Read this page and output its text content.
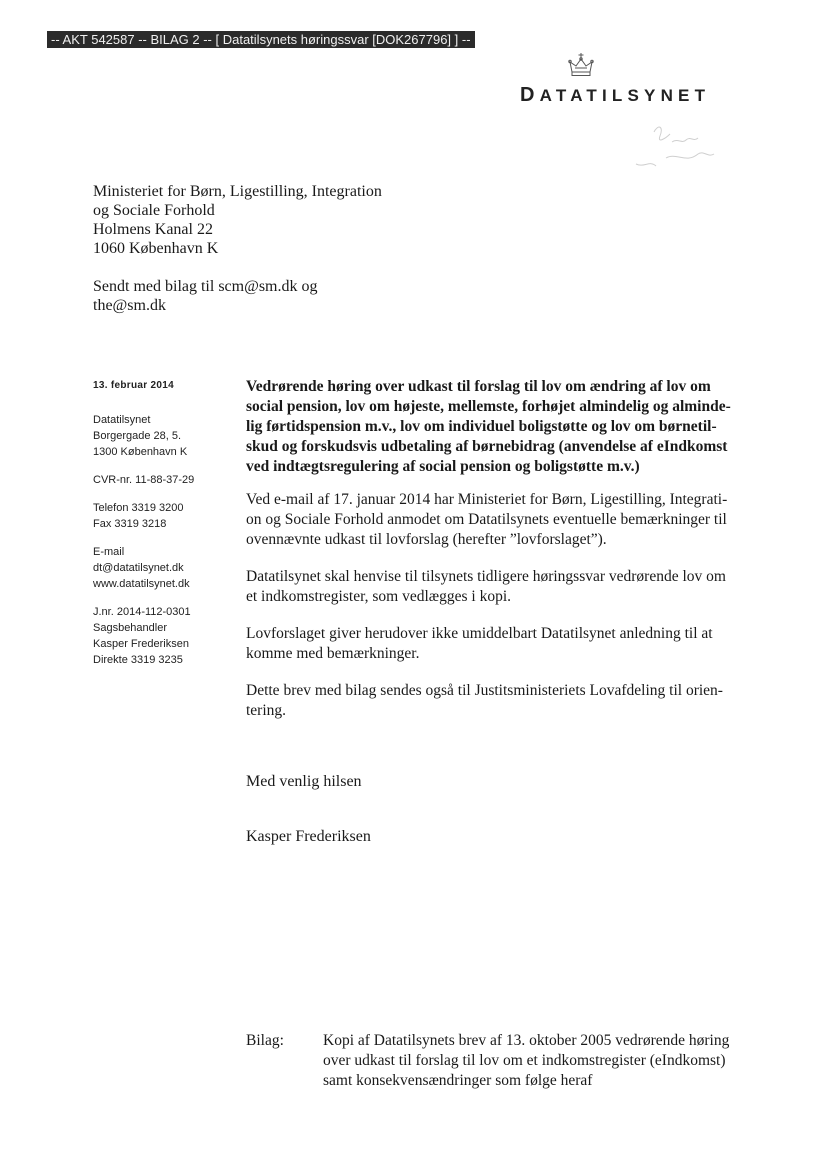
-- AKT 542587 -- BILAG 2 -- [ Datatilsynets høringssvar [DOK267796] ] --
DATATILSYNET
Ministeriet for Børn, Ligestilling, Integration
og Sociale Forhold
Holmens Kanal 22
1060 København K
Sendt med bilag til scm@sm.dk og
the@sm.dk
13. februar 2014
Datatilsynet
Borgergade 28, 5.
1300 København K
CVR-nr. 11-88-37-29
Telefon 3319 3200
Fax 3319 3218
E-mail
dt@datatilsynet.dk
www.datatilsynet.dk
J.nr. 2014-112-0301
Sagsbehandler
Kasper Frederiksen
Direkte 3319 3235
Vedrørende høring over udkast til forslag til lov om ændring af lov om
social pension, lov om højeste, mellemste, forhøjet almindelig og alminde-
lig førtidspension m.v., lov om individuel boligstøtte og lov om børnetil-
skud og forskudsvis udbetaling af børnebidrag (anvendelse af eIndkomst
ved indtægtsregulering af social pension og boligstøtte m.v.)
Ved e-mail af 17. januar 2014 har Ministeriet for Børn, Ligestilling, Integrati-
on og Sociale Forhold anmodet om Datatilsynets eventuelle bemærkninger til
ovennævnte udkast til lovforslag (herefter ”lovforslaget”).
Datatilsynet skal henvise til tilsynets tidligere høringssvar vedrørende lov om
et indkomstregister, som vedlægges i kopi.
Lovforslaget giver herudover ikke umiddelbart Datatilsynet anledning til at
komme med bemærkninger.
Dette brev med bilag sendes også til Justitsministeriets Lovafdeling til orien-
tering.
Med venlig hilsen
Kasper Frederiksen
Bilag:	Kopi af Datatilsynets brev af 13. oktober 2005 vedrørende høring
over udkast til forslag til lov om et indkomstregister (eIndkomst)
samt konsekvensændringer som følge heraf
